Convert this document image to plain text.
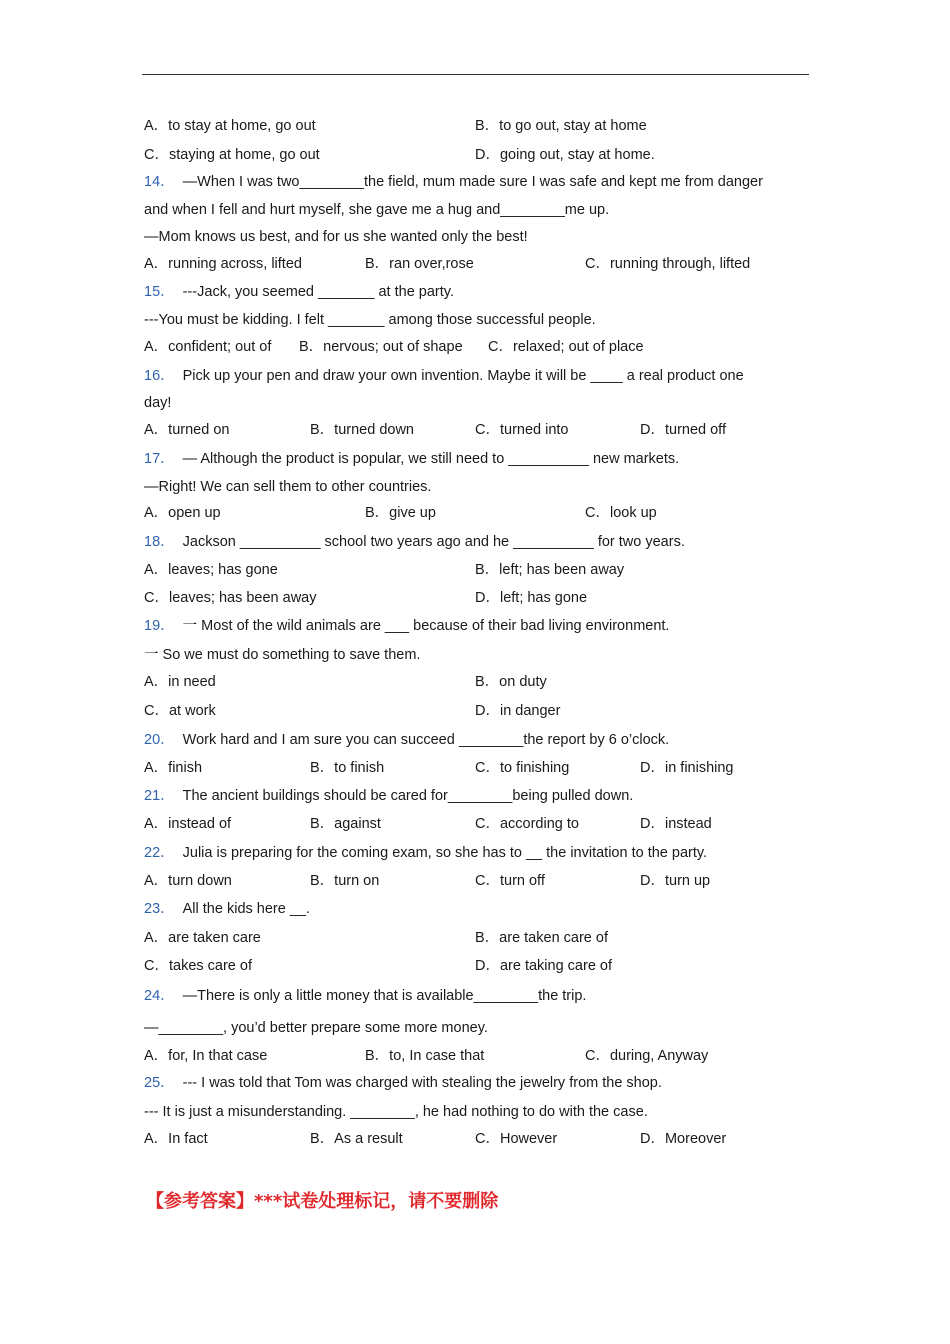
A．to stay at home, go out	B．to go out, stay at home
C．staying at home, go out	D．going out, stay at home.
14． —When I was two________the field, mum made sure I was safe and kept me from danger
and when I fell and hurt myself, she gave me a hug and________me up.
—Mom knows us best, and for us she wanted only the best!
A．running across, lifted	B．ran over,rose	C．running through, lifted
15． ---Jack, you seemed _______ at the party.
---You must be kidding. I felt _______ among those successful people.
A．confident; out of B．nervous; out of shape C．relaxed; out of place
16． Pick up your pen and draw your own invention. Maybe it will be ____ a real product one
day!
A．turned on	B．turned down	C．turned into	D．turned off
17． — Although the product is popular, we still need to __________ new markets.
—Right! We can sell them to other countries.
A．open up	B．give up	C．look up
18． Jackson __________ school two years ago and he __________ for two years.
A．leaves; has gone	B．left; has been away
C．leaves; has been away	D．left; has gone
19． 一 Most of the wild animals are ___ because of their bad living environment.
一 So we must do something to save them.
A．in need	B．on duty
C．at work	D．in danger
20． Work hard and I am sure you can succeed ________the report by 6 o’clock.
A．finish	B．to finish	C．to finishing	D．in finishing
21． The ancient buildings should be cared for________being pulled down.
A．instead of	B．against	C．according to	D．instead
22． Julia is preparing for the coming exam, so she has to __ the invitation to the party.
A．turn down	B．turn on	C．turn off	D．turn up
23． All the kids here __.
A．are taken care	B．are taken care of
C．takes care of	D．are taking care of
24． —There is only a little money that is available________the trip.
—________, you’d better prepare some more money.
A．for, In that case	B．to, In case that	C．during, Anyway
25． --- I was told that Tom was charged with stealing the jewelry from the shop.
--- It is just a misunderstanding. ________, he had nothing to do with the case.
A．In fact	B．As a result	C．However	D．Moreover
【参考答案】***试卷处理标记，请不要删除
